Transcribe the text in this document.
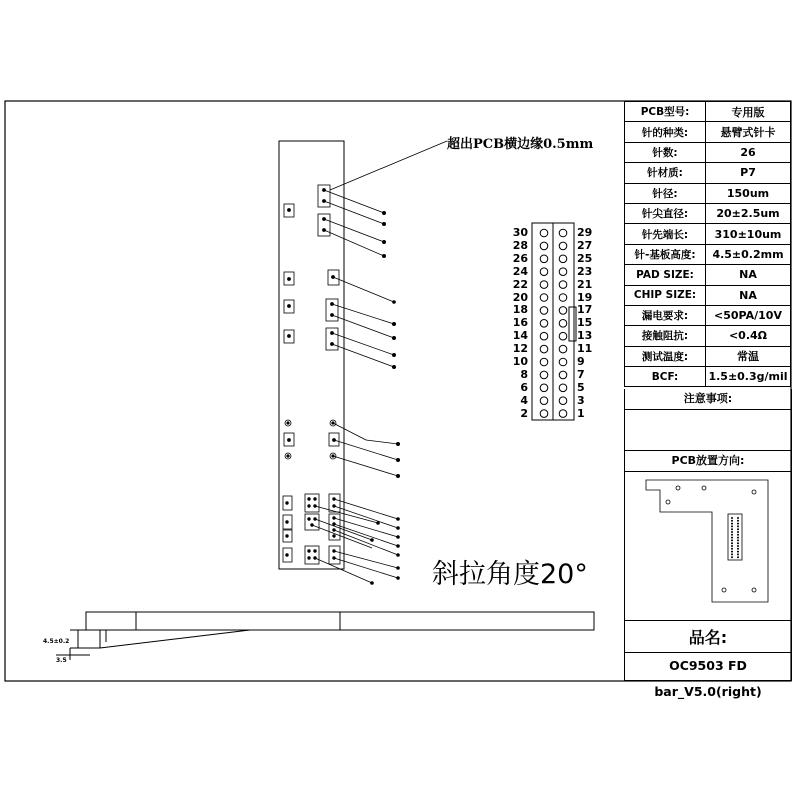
超出PCB横边缘0.5mm
斜拉角度20°
30	29
28	27
26	25
24	23
22	21
20	19
18	17
16	15
14	13
12	11
10	9
8	7
6	5
4	3
2	1
4.5±0.2
3.5
PCB型号:	专用版
针的种类:	悬臂式针卡
针数:	26
针材质:	P7
针径:	150um
针尖直径:	20±2.5um
针先端长:	310±10um
针-基板高度:	4.5±0.2mm
PAD SIZE:	NA
CHIP SIZE:	NA
漏电要求:	<50PA/10V
接触阻抗:	<0.4Ω
测试温度:	常温
BCF:	1.5±0.3g/mil
注意事项:
PCB放置方向:
品名:
OC9503 FD bar_V5.0(right)
